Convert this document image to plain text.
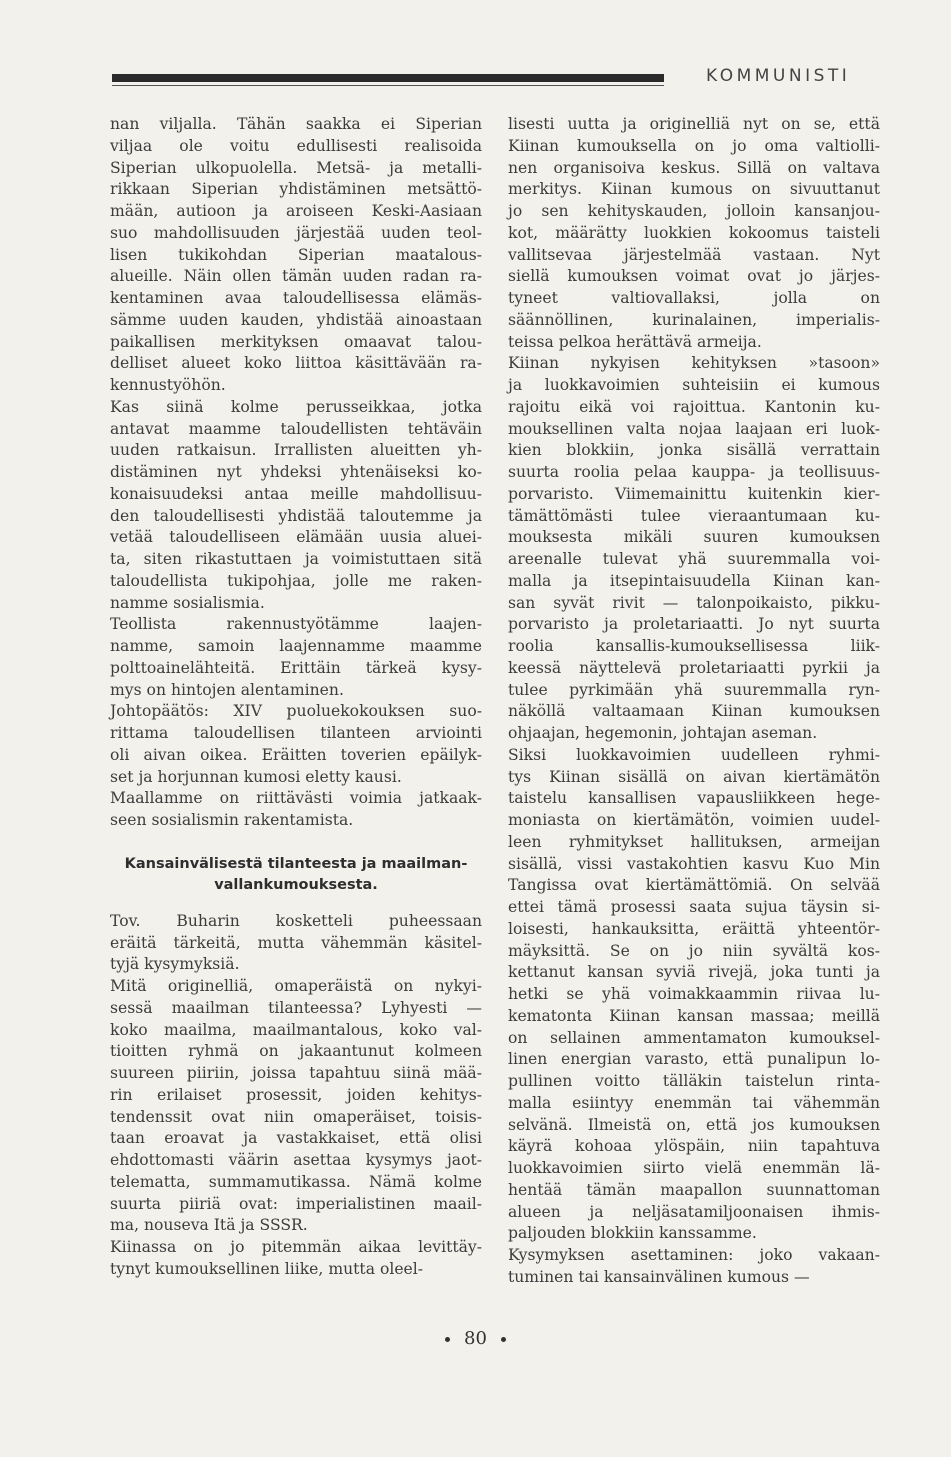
KOMMUNISTI
nan viljalla. Tähän saakka ei Siperian
viljaa ole voitu edullisesti realisoida
Siperian ulkopuolella. Metsä- ja metalli-
rikkaan Siperian yhdistäminen metsättö-
mään, autioon ja aroiseen Keski-Aasiaan
suo mahdollisuuden järjestää uuden teol-
lisen tukikohdan Siperian maatalous-
alueille. Näin ollen tämän uuden radan ra-
kentaminen avaa taloudellisessa elämäs-
sämme uuden kauden, yhdistää ainoastaan
paikallisen merkityksen omaavat talou-
delliset alueet koko liittoa käsittävään ra-
kennustyöhön.
Kas siinä kolme perusseikkaa, jotka
antavat maamme taloudellisten tehtäväin
uuden ratkaisun. Irrallisten alueitten yh-
distäminen nyt yhdeksi yhtenäiseksi ko-
konaisuudeksi antaa meille mahdollisuu-
den taloudellisesti yhdistää taloutemme ja
vetää taloudelliseen elämään uusia aluei-
ta, siten rikastuttaen ja voimistuttaen sitä
taloudellista tukipohjaa, jolle me raken-
namme sosialismia.
Teollista rakennustyötämme laajen-
namme, samoin laajennamme maamme
polttoainelähteitä. Erittäin tärkeä kysy-
mys on hintojen alentaminen.
Johtopäätös: XIV puoluekokouksen suo-
rittama taloudellisen tilanteen arviointi
oli aivan oikea. Eräitten toverien epäilyk-
set ja horjunnan kumosi eletty kausi.
Maallamme on riittävästi voimia jatkaak-
seen sosialismin rakentamista.
Kansainvälisestä tilanteesta ja maailman-
vallankumouksesta.
Tov. Buharin kosketteli puheessaan
eräitä tärkeitä, mutta vähemmän käsitel-
tyjä kysymyksiä.
Mitä originelliä, omaperäistä on nykyi-
sessä maailman tilanteessa? Lyhyesti —
koko maailma, maailmantalous, koko val-
tioitten ryhmä on jakaantunut kolmeen
suureen piiriin, joissa tapahtuu siinä mää-
rin erilaiset prosessit, joiden kehitys-
tendenssit ovat niin omaperäiset, toisis-
taan eroavat ja vastakkaiset, että olisi
ehdottomasti väärin asettaa kysymys jaot-
telematta, summamutikassa. Nämä kolme
suurta piiriä ovat: imperialistinen maail-
ma, nouseva Itä ja SSSR.
Kiinassa on jo pitemmän aikaa levittäy-
tynyt kumouksellinen liike, mutta oleel-
lisesti uutta ja originelliä nyt on se, että
Kiinan kumouksella on jo oma valtiolli-
nen organisoiva keskus. Sillä on valtava
merkitys. Kiinan kumous on sivuuttanut
jo sen kehityskauden, jolloin kansanjou-
kot, määrätty luokkien kokoomus taisteli
vallitsevaa järjestelmää vastaan. Nyt
siellä kumouksen voimat ovat jo järjes-
tyneet valtiovallaksi, jolla on
säännöllinen, kurinalainen, imperialis-
teissa pelkoa herättävä armeija.
Kiinan nykyisen kehityksen »tasoon»
ja luokkavoimien suhteisiin ei kumous
rajoitu eikä voi rajoittua. Kantonin ku-
mouksellinen valta nojaa laajaan eri luok-
kien blokkiin, jonka sisällä verrattain
suurta roolia pelaa kauppa- ja teollisuus-
porvaristo. Viimemainittu kuitenkin kier-
tämättömästi tulee vieraantumaan ku-
mouksesta mikäli suuren kumouksen
areenalle tulevat yhä suuremmalla voi-
malla ja itsepintaisuudella Kiinan kan-
san syvät rivit — talonpoikaisto, pikku-
porvaristo ja proletariaatti. Jo nyt suurta
roolia kansallis-kumouksellisessa liik-
keessä näyttelevä proletariaatti pyrkii ja
tulee pyrkimään yhä suuremmalla ryn-
näköllä valtaamaan Kiinan kumouksen
ohjaajan, hegemonin, johtajan aseman.
Siksi luokkavoimien uudelleen ryhmi-
tys Kiinan sisällä on aivan kiertämätön
taistelu kansallisen vapausliikkeen hege-
moniasta on kiertämätön, voimien uudel-
leen ryhmitykset hallituksen, armeijan
sisällä, vissi vastakohtien kasvu Kuo Min
Tangissa ovat kiertämättömiä. On selvää
ettei tämä prosessi saata sujua täysin si-
loisesti, hankauksitta, eräittä yhteentör-
mäyksittä. Se on jo niin syvältä kos-
kettanut kansan syviä rivejä, joka tunti ja
hetki se yhä voimakkaammin riivaa lu-
kematonta Kiinan kansan massaa; meillä
on sellainen ammentamaton kumouksel-
linen energian varasto, että punalipun lo-
pullinen voitto tälläkin taistelun rinta-
malla esiintyy enemmän tai vähemmän
selvänä. Ilmeistä on, että jos kumouksen
käyrä kohoaa ylöspäin, niin tapahtuva
luokkavoimien siirto vielä enemmän lä-
hentää tämän maapallon suunnattoman
alueen ja neljäsatamiljoonaisen ihmis-
paljouden blokkiin kanssamme.
Kysymyksen asettaminen: joko vakaan-
tuminen tai kansainvälinen kumous —
80
